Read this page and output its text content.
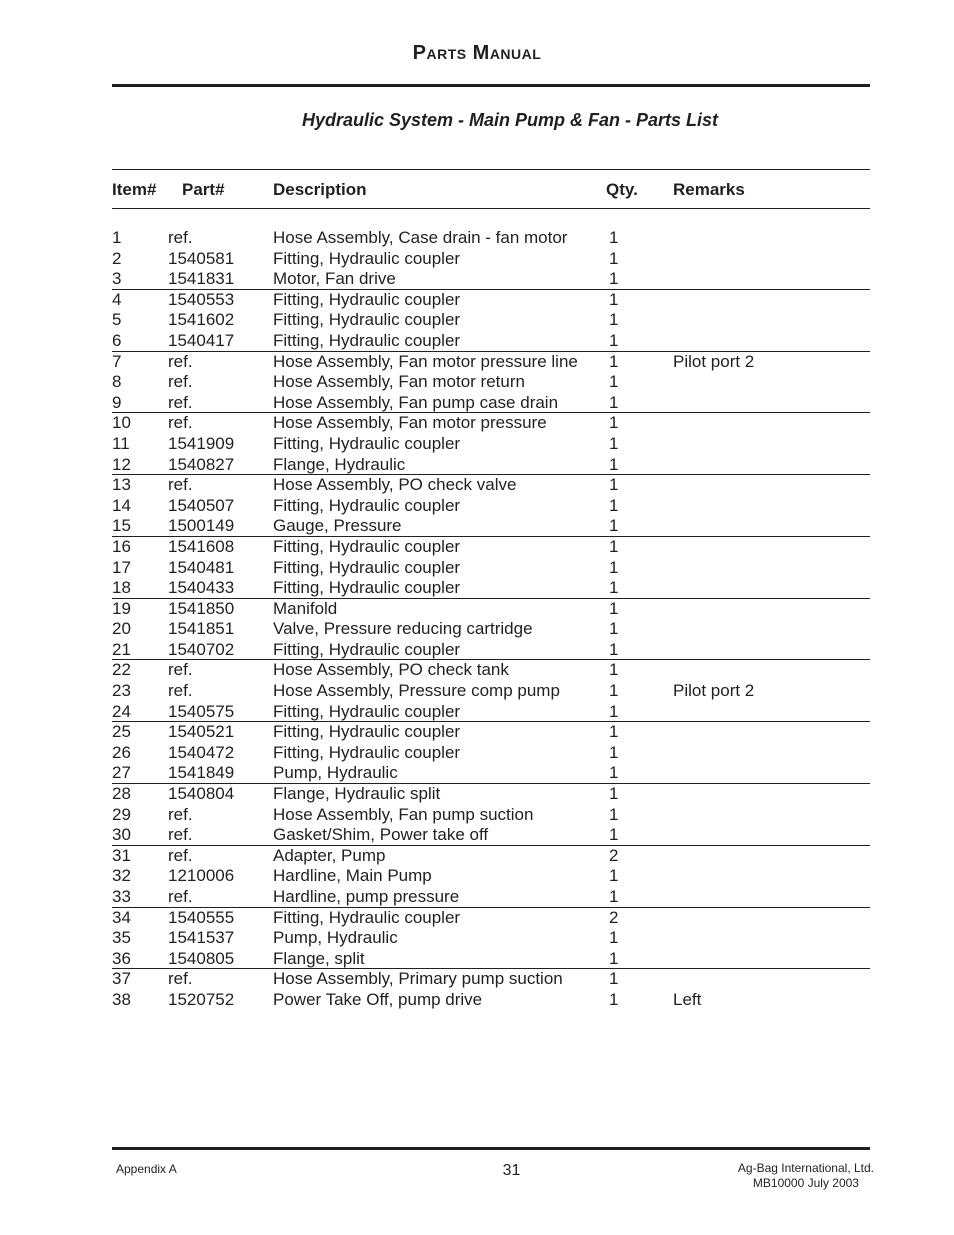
Parts Manual
Hydraulic System - Main Pump & Fan - Parts List
Item# Part#	Description	Qty. Remarks
1	ref.	Hose Assembly, Case drain - fan motor 1
2	1540581 Fitting, Hydraulic coupler	1
3	1541831 Motor, Fan drive	1
4	1540553 Fitting, Hydraulic coupler	1
5	1541602 Fitting, Hydraulic coupler	1
6	1540417 Fitting, Hydraulic coupler	1
7	ref.	Hose Assembly, Fan motor pressure line 1	Pilot port 2
8	ref.	Hose Assembly, Fan motor return	1
9	ref.	Hose Assembly, Fan pump case drain	1
10 ref.	Hose Assembly, Fan motor pressure	1
11 1541909 Fitting, Hydraulic coupler	1
12 1540827 Flange, Hydraulic	1
13 ref.	Hose Assembly, PO check valve	1
14 1540507 Fitting, Hydraulic coupler	1
15 1500149 Gauge, Pressure	1
16 1541608 Fitting, Hydraulic coupler	1
17 1540481 Fitting, Hydraulic coupler	1
18 1540433 Fitting, Hydraulic coupler	1
19 1541850 Manifold	1
20 1541851 Valve, Pressure reducing cartridge	1
21 1540702 Fitting, Hydraulic coupler	1
22 ref.	Hose Assembly, PO check tank	1
23 ref.	Hose Assembly, Pressure comp pump	1	Pilot port 2
24 1540575 Fitting, Hydraulic coupler	1
25 1540521 Fitting, Hydraulic coupler	1
26 1540472 Fitting, Hydraulic coupler	1
27 1541849 Pump, Hydraulic	1
28 1540804 Flange, Hydraulic split	1
29 ref.	Hose Assembly, Fan pump suction	1
30 ref.	Gasket/Shim, Power take off	1
31 ref.	Adapter, Pump	2
32 1210006 Hardline, Main Pump	1
33 ref.	Hardline, pump pressure	1
34 1540555 Fitting, Hydraulic coupler	2
35 1541537 Pump, Hydraulic	1
36 1540805 Flange, split	1
37 ref.	Hose Assembly, Primary pump suction	1
38 1520752 Power Take Off, pump drive	1	Left
Appendix A	31	Ag-Bag International, Ltd.
MB10000 July 2003
